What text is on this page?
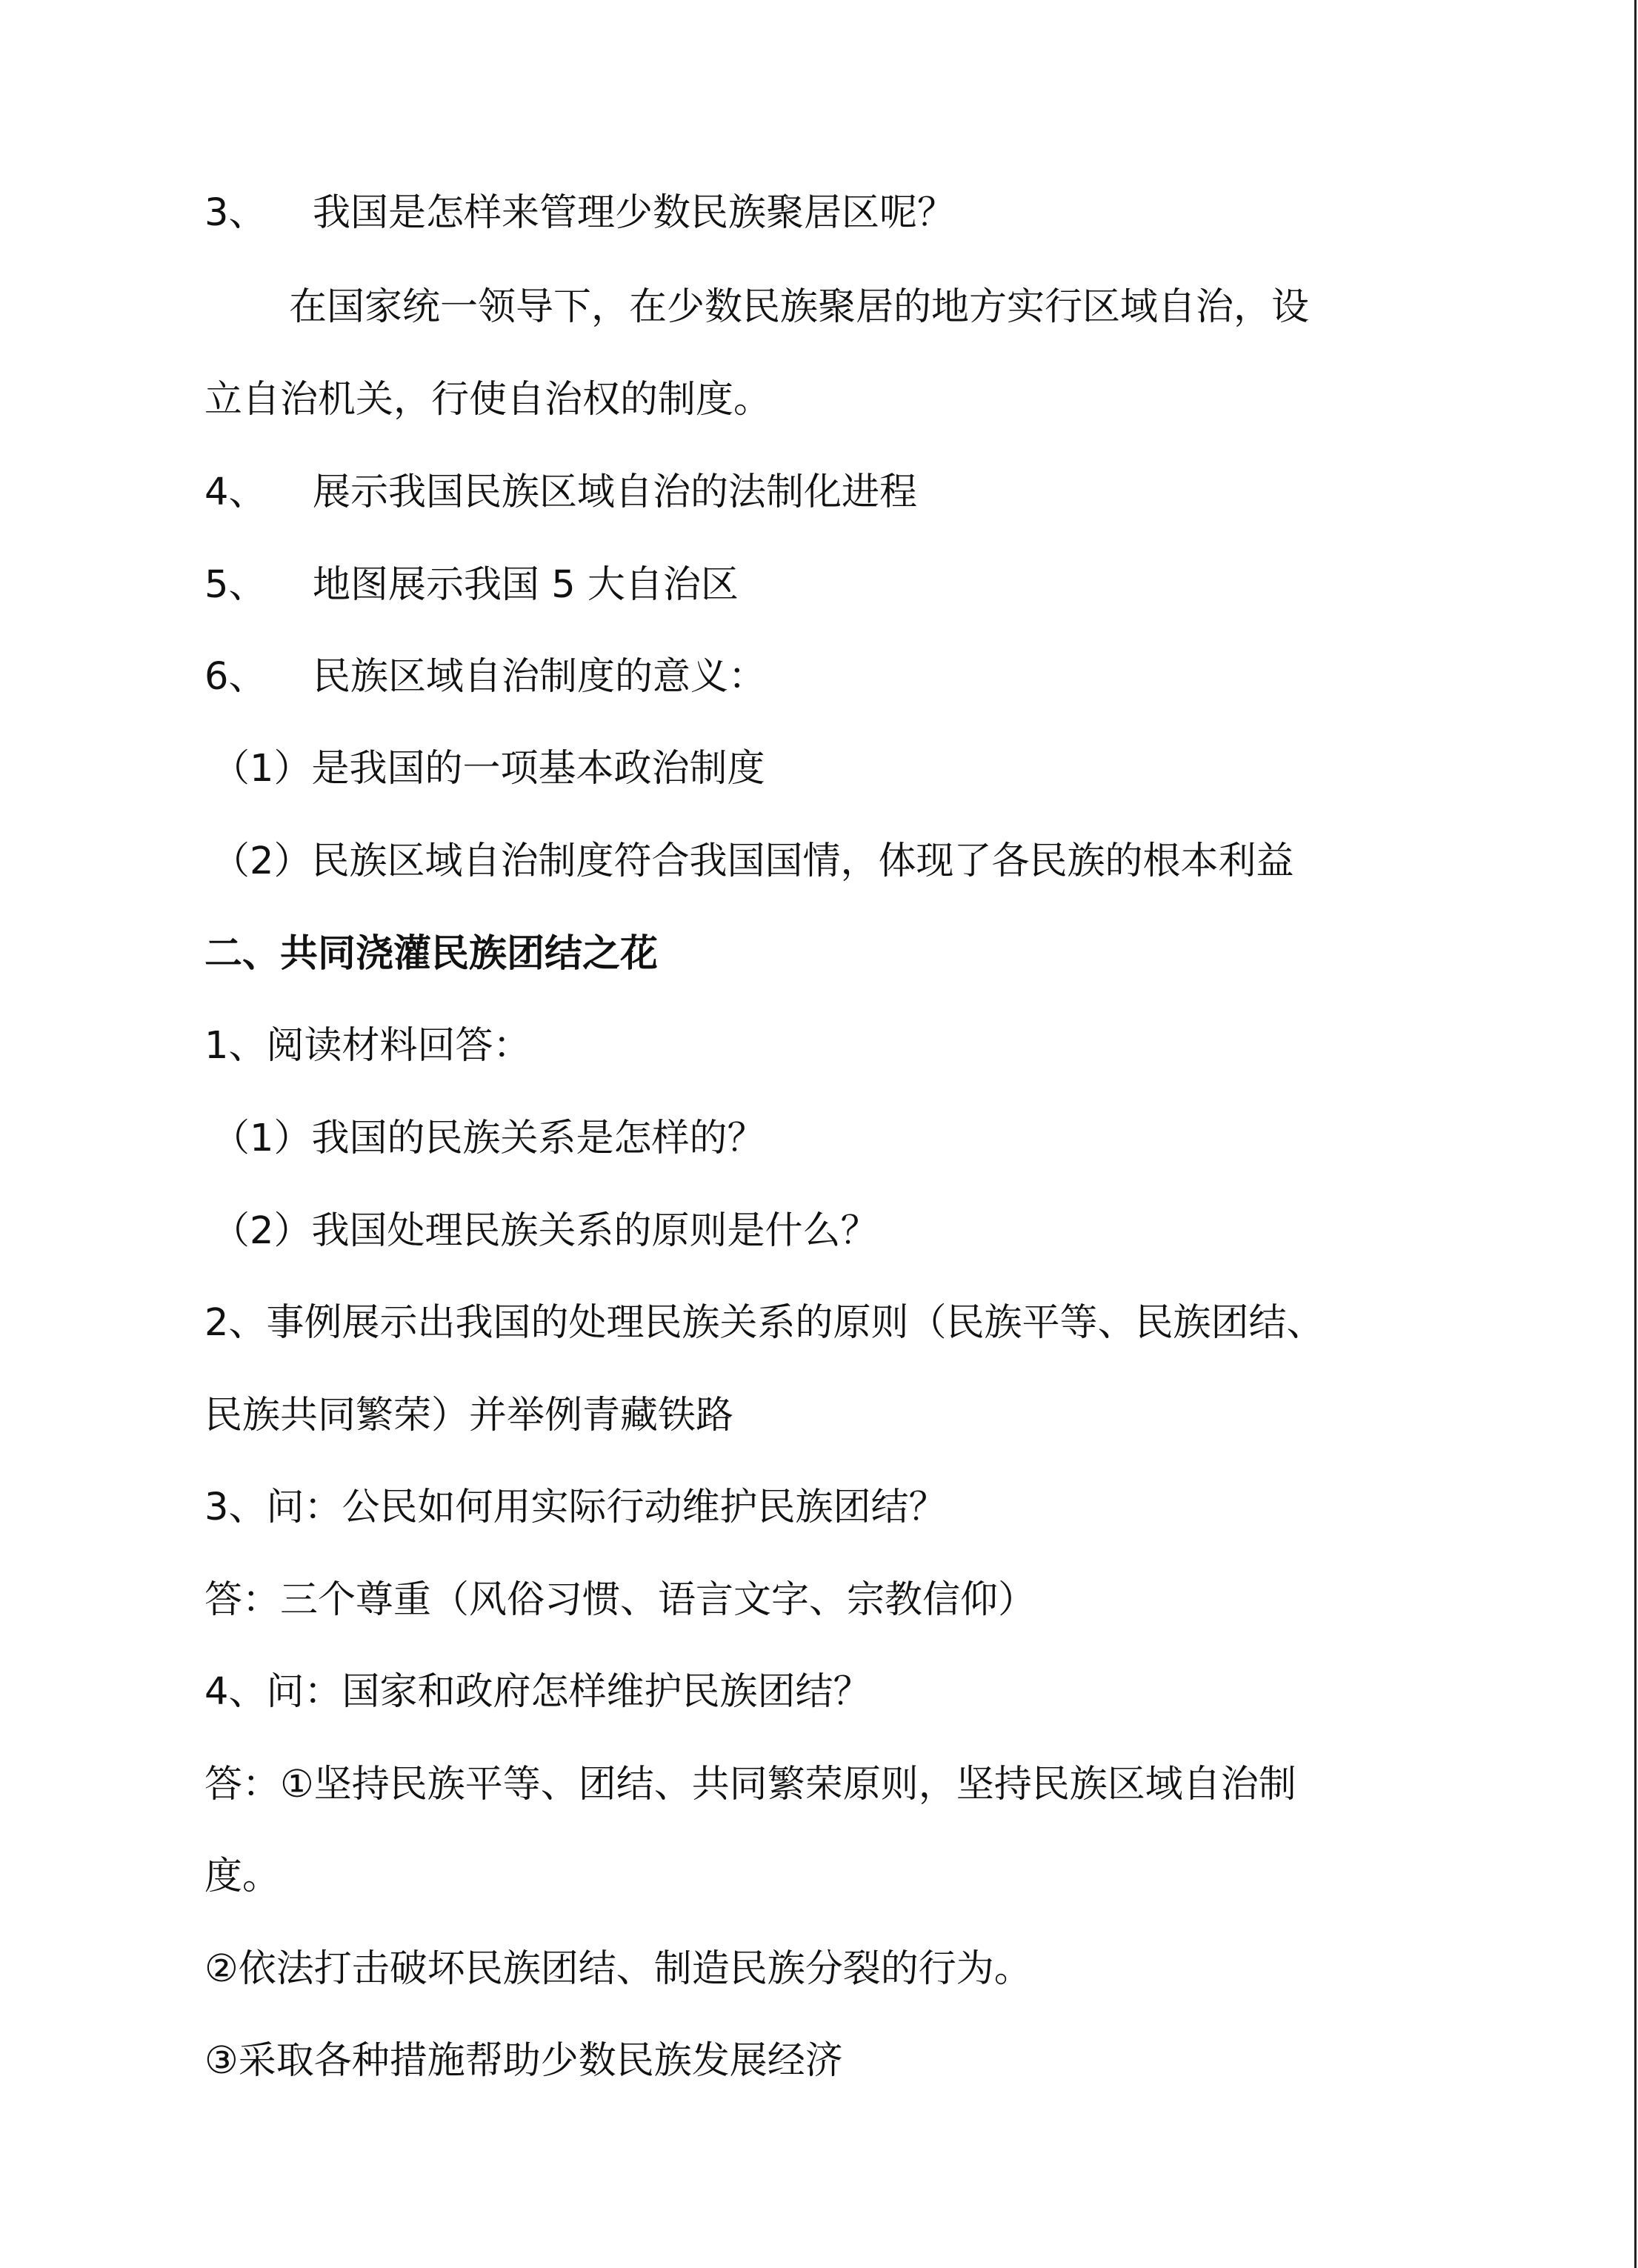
3、 我国是怎样来管理少数民族聚居区呢？
在国家统一领导下，在少数民族聚居的地方实行区域自治，设
立自治机关，行使自治权的制度。
4、 展示我国民族区域自治的法制化进程
5、 地图展示我国 5 大自治区
6、 民族区域自治制度的意义：
（1）是我国的一项基本政治制度
（2）民族区域自治制度符合我国国情，体现了各民族的根本利益
二、共同浇灌民族团结之花
1、阅读材料回答：
（1）我国的民族关系是怎样的？
（2）我国处理民族关系的原则是什么？
2、事例展示出我国的处理民族关系的原则（民族平等、民族团结、
民族共同繁荣）并举例青藏铁路
3、问：公民如何用实际行动维护民族团结？
答：三个尊重（风俗习惯、语言文字、宗教信仰）
4、问：国家和政府怎样维护民族团结？
答：①坚持民族平等、团结、共同繁荣原则，坚持民族区域自治制
度。
②依法打击破坏民族团结、制造民族分裂的行为。
③采取各种措施帮助少数民族发展经济
